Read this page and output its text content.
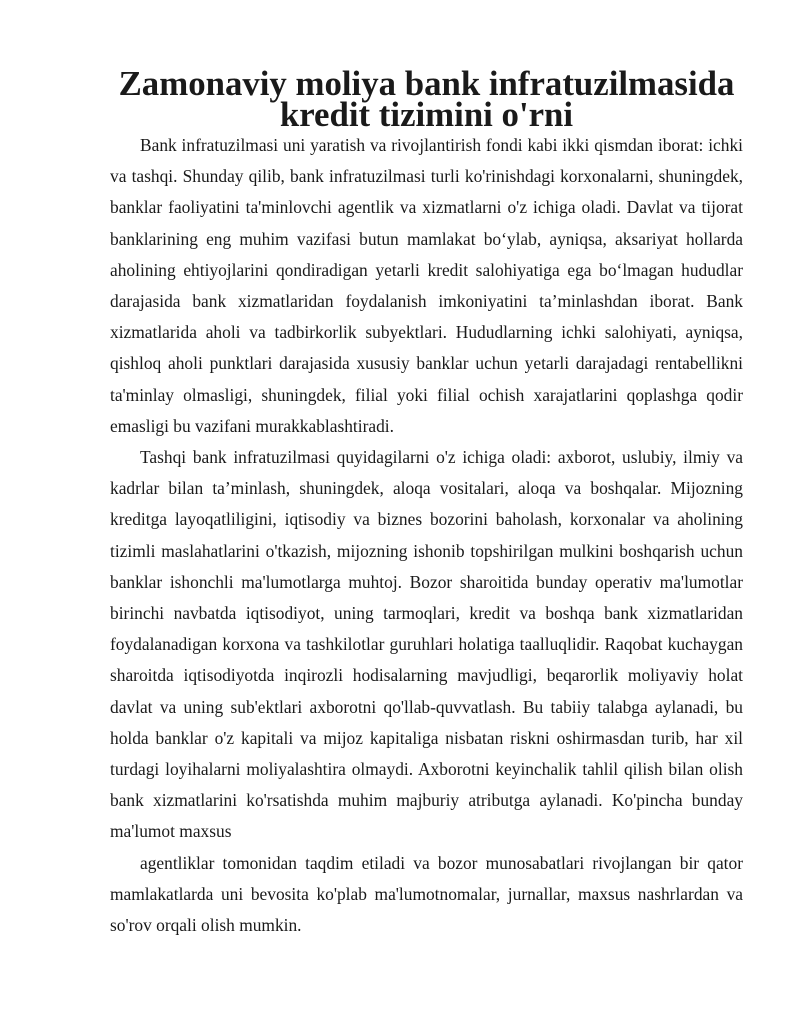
Zamonaviy moliya bank infratuzilmasida kredit tizimini o'rni

Bank infratuzilmasi uni yaratish va rivojlantirish fondi kabi ikki qismdan iborat: ichki va tashqi. Shunday qilib, bank infratuzilmasi turli ko'rinishdagi korxonalarni, shuningdek, banklar faoliyatini ta'minlovchi agentlik va xizmatlarni o'z ichiga oladi. Davlat va tijorat banklarining eng muhim vazifasi butun mamlakat bo‘ylab, ayniqsa, aksariyat hollarda aholining ehtiyojlarini qondiradigan yetarli kredit salohiyatiga ega bo‘lmagan hududlar darajasida bank xizmatlaridan foydalanish imkoniyatini ta’minlashdan iborat. Bank xizmatlarida aholi va tadbirkorlik subyektlari. Hududlarning ichki salohiyati, ayniqsa, qishloq aholi punktlari darajasida xususiy banklar uchun yetarli darajadagi rentabellikni ta'minlay olmasligi, shuningdek, filial yoki filial ochish xarajatlarini qoplashga qodir emasligi bu vazifani murakkablashtiradi.

Tashqi bank infratuzilmasi quyidagilarni o'z ichiga oladi: axborot, uslubiy, ilmiy va kadrlar bilan ta’minlash, shuningdek, aloqa vositalari, aloqa va boshqalar. Mijozning kreditga layoqatliligini, iqtisodiy va biznes bozorini baholash, korxonalar va aholining tizimli maslahatlarini o'tkazish, mijozning ishonib topshirilgan mulkini boshqarish uchun banklar ishonchli ma'lumotlarga muhtoj. Bozor sharoitida bunday operativ ma'lumotlar birinchi navbatda iqtisodiyot, uning tarmoqlari, kredit va boshqa bank xizmatlaridan foydalanadigan korxona va tashkilotlar guruhlari holatiga taalluqlidir. Raqobat kuchaygan sharoitda iqtisodiyotda inqirozli hodisalarning mavjudligi, beqarorlik moliyaviy holat davlat va uning sub'ektlari axborotni qo'llab-quvvatlash. Bu tabiiy talabga aylanadi, bu holda banklar o'z kapitali va mijoz kapitaliga nisbatan riskni oshirmasdan turib, har xil turdagi loyihalarni moliyalashtira olmaydi. Axborotni keyinchalik tahlil qilish bilan olish bank xizmatlarini ko'rsatishda muhim majburiy atributga aylanadi. Ko'pincha bunday ma'lumot maxsus

agentliklar tomonidan taqdim etiladi va bozor munosabatlari rivojlangan bir qator mamlakatlarda uni bevosita ko'plab ma'lumotnomalar, jurnallar, maxsus nashrlardan va so'rov orqali olish mumkin.
